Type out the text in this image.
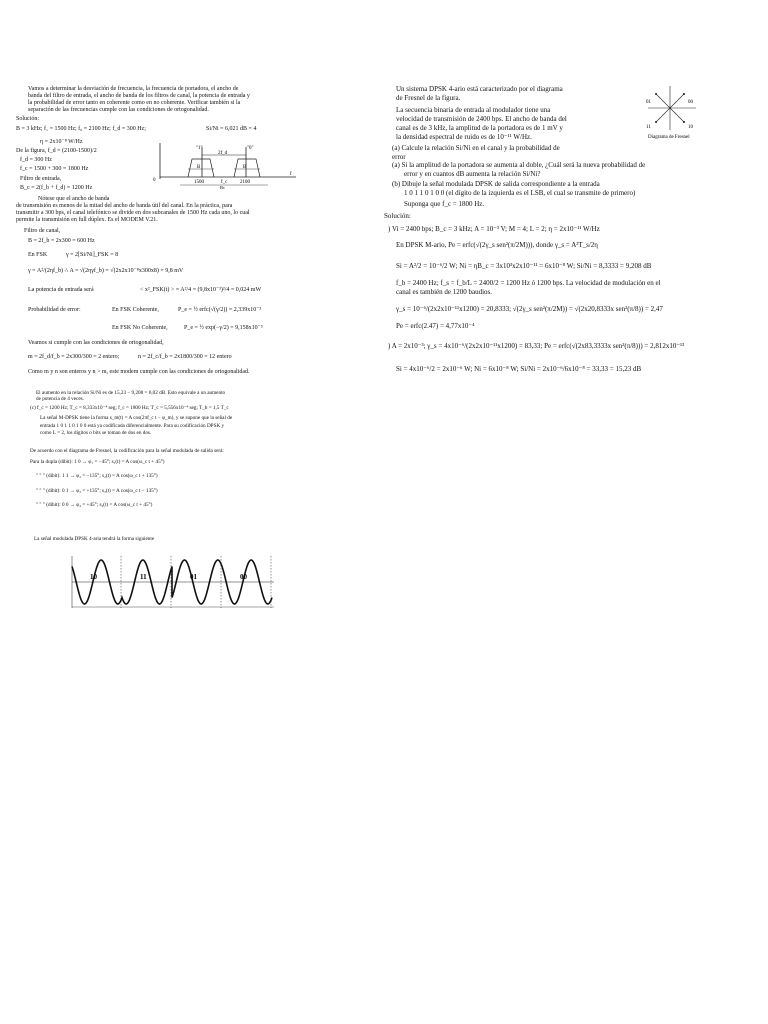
Vamos a determinar la desviación de frecuencia, la frecuencia de portadora, el ancho de
banda del filtro de entrada, el ancho de banda de los filtros de canal, la potencia de entrada y
la probabilidad de error tanto en coherente como en no coherente. Verificar también si la
separación de las frecuencias cumple con las condiciones de ortogonalidad.
Solución:
B = 3 kHz; f₁ = 1500 Hz; f₀ = 2100 Hz; f_d = 300 Hz;	Si/Ni = 6,021 dB = 4
η = 2x10⁻⁸ W/Hz
De la figura, f_d = (2100-1500)/2
f_d = 300 Hz
f_c = 1500 + 300 = 1800 Hz
Filtro de entrada,
B_c = 2(f_b + f_d) = 1200 Hz
"1"	"0"
2f_d
B	B
0	1500	f_c	2100
f
Bc
Nótese que el ancho de banda
de transmisión es menos de la mitad del ancho de banda útil del canal. En la práctica, para
transmitir a 300 bps, el canal telefónico se divide en dos subcanales de 1500 Hz cada uno, lo cual
permite la transmisión en full dúplex. Es el MODEM V.21.
Filtro de canal,
B = 2f_b = 2x300 = 600 Hz
En FSK	γ = 2[Si/Ni]_FSK = 8
γ = A²/(2ηf_b) ∴ A = √(2ηγf_b) = √(2x2x10⁻⁸x300x8) = 9,8 mV
La potencia de entrada será	< x²_FSK(t) > = A²/4 = (9,8x10⁻³)²/4 = 0,024 mW
Probabilidad de error:	En FSK Coherente,	P_e = ½ erfc(√(γ/2)) = 2,339x10⁻³
En FSK No Coherente,	P_e = ½ exp(−γ/2) = 9,158x10⁻³
Veamos si cumple con las condiciones de ortogonalidad,
m = 2f_d/f_b = 2x300/300 = 2 entero;	n = 2f_c/f_b = 2x1800/300 = 12 entero
Como m y n son enteros y n > m, este modem cumple con las condiciones de ortogonalidad.
El aumento en la relación Si/Ni es de 15,23 − 9,208 = 6,02 dB. Esto equivale a un aumento
de potencia de 4 veces.
(c) f_c = 1200 Hz; T_c = 8,333x10⁻⁴ seg; f_c = 1800 Hz; T_c = 5,556x10⁻⁴ seg; T_b = 1,5 T_c
La señal M-DPSK tiene la forma s_m(t) = A cos(2πf_c t − φ_m), y se supone que la señal de
entrada 1 0 1 1 0 1 0 0 está ya codificada diferencialmente. Para su codificación DPSK y
como L = 2, los dígitos o bits se toman de dos en dos.
De acuerdo con el diagrama de Fresnel, la codificación para la señal modulada de salida será:
Para la dupla (dibit): 1 0 → φ₁ = −45°; s₁(t) = A cos(ω_c t + 45°)
" " " (dibit): 1 1 → φ₂ = −135°; s₂(t) = A cos(ω_c t + 135°)
" " " (dibit): 0 1 → φ₃ = +135°; s₃(t) = A cos(ω_c t − 135°)
" " " (dibit): 0 0 → φ₄ = +45°; s₄(t) = A cos(ω_c t + 45°)
La señal modulada DPSK 4-aria tendrá la forma siguiente
10	11	01	00
Un sistema DPSK 4-ario está caracterizado por el diagrama
de Fresnel de la figura.
La secuencia binaria de entrada al modulador tiene una
velocidad de transmisión de 2400 bps. El ancho de banda del
canal es de 3 kHz, la amplitud de la portadora es de 1 mV y
la densidad espectral de ruido es de 10⁻¹¹ W/Hz.
01	00
11	10
Diagrama de Fresnel
(a) Calcule la relación Si/Ni en el canal y la probabilidad de
error
(a) Si la amplitud de la portadora se aumenta al doble, ¿Cuál será la nueva probabilidad de
error y en cuantos dB aumenta la relación Si/Ni?
(b) Dibuje la señal modulada DPSK de salida correspondiente a la entrada
1 0 1 1 0 1 0 0 (el dígito de la izquierda es el LSB, el cual se transmite de primero)
Suponga que f_c = 1800 Hz.
Solución:
) Vi = 2400 bps; B_c = 3 kHz; A = 10⁻³ V; M = 4; L = 2; η = 2x10⁻¹¹ W/Hz
En DPSK M-ario, Pe = erfc(√(2γ_s sen²(π/2M))), donde γ_s = A²T_s/2η
Si = A²/2 = 10⁻⁶/2 W; Ni = ηB_c = 3x10³x2x10⁻¹¹ = 6x10⁻⁸ W; Si/Ni = 8,3333 = 9,208 dB
f_b = 2400 Hz; f_s = f_b/L = 2400/2 = 1200 Hz ó 1200 bps. La velocidad de modulación en el
canal es también de 1200 baudios.
γ_s = 10⁻⁶/(2x2x10⁻¹¹x1200) = 20,8333; √(2γ_s sen²(π/2M)) = √(2x20,8333x sen²(π/8)) = 2,47
Pe = erfc(2.47) = 4,77x10⁻⁴
) A = 2x10⁻³; γ_s = 4x10⁻⁶/(2x2x10⁻¹¹x1200) = 83,33; Pe = erfc(√(2x83,3333x sen²(π/8))) = 2,812x10⁻¹³
Si = 4x10⁻⁶/2 = 2x10⁻⁶ W; Ni = 6x10⁻⁸ W; Si/Ni = 2x10⁻⁶/6x10⁻⁸ = 33,33 = 15,23 dB
